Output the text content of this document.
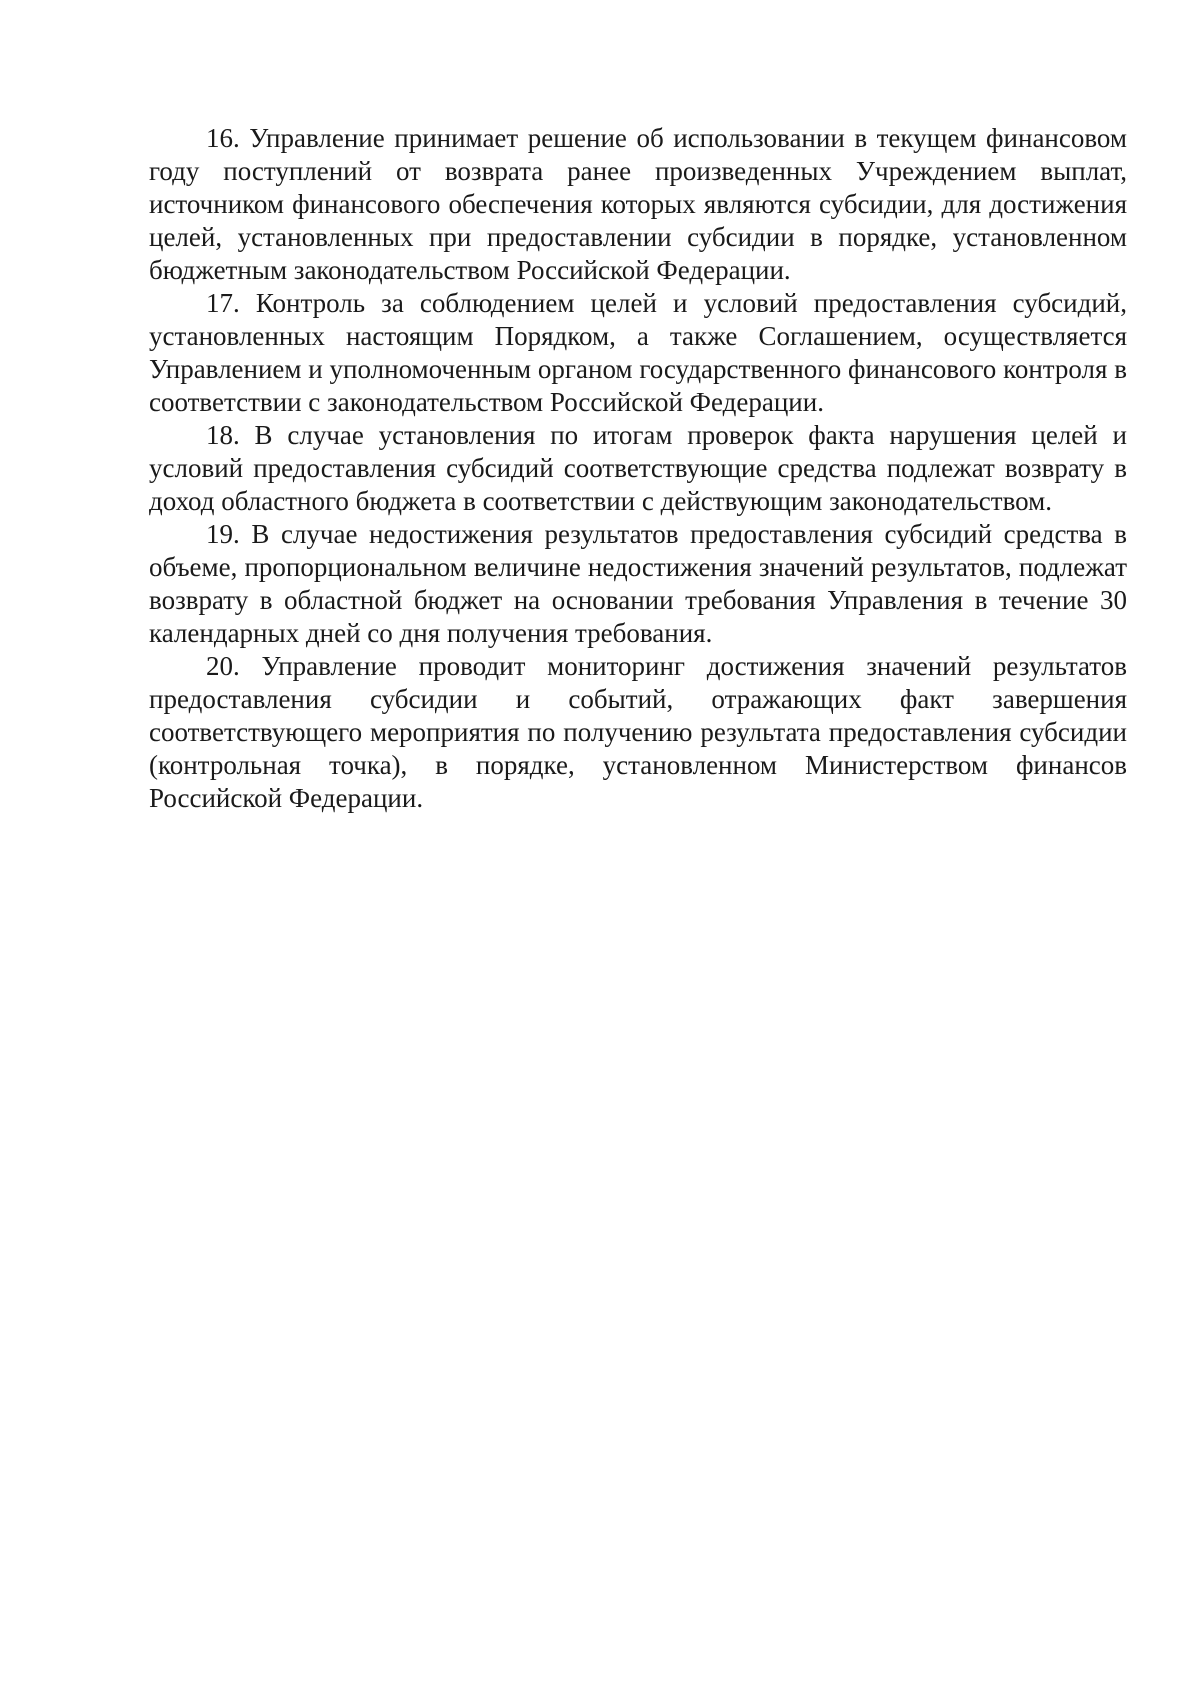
16. Управление принимает решение об использовании в текущем финансовом году поступлений от возврата ранее произведенных Учреждением выплат, источником финансового обеспечения которых являются субсидии, для достижения целей, установленных при предоставлении субсидии в порядке, установленном бюджетным законодательством Российской Федерации.

17. Контроль за соблюдением целей и условий предоставления субсидий, установленных настоящим Порядком, а также Соглашением, осуществляется Управлением и уполномоченным органом государственного финансового контроля в соответствии с законодательством Российской Федерации.

18. В случае установления по итогам проверок факта нарушения целей и условий предоставления субсидий соответствующие средства подлежат возврату в доход областного бюджета в соответствии с действующим законодательством.

19. В случае недостижения результатов предоставления субсидий средства в объеме, пропорциональном величине недостижения значений результатов, подлежат возврату в областной бюджет на основании требования Управления в течение 30 календарных дней со дня получения требования.

20. Управление проводит мониторинг достижения значений результатов предоставления субсидии и событий, отражающих факт завершения соответствующего мероприятия по получению результата предоставления субсидии (контрольная точка), в порядке, установленном Министерством финансов Российской Федерации.
